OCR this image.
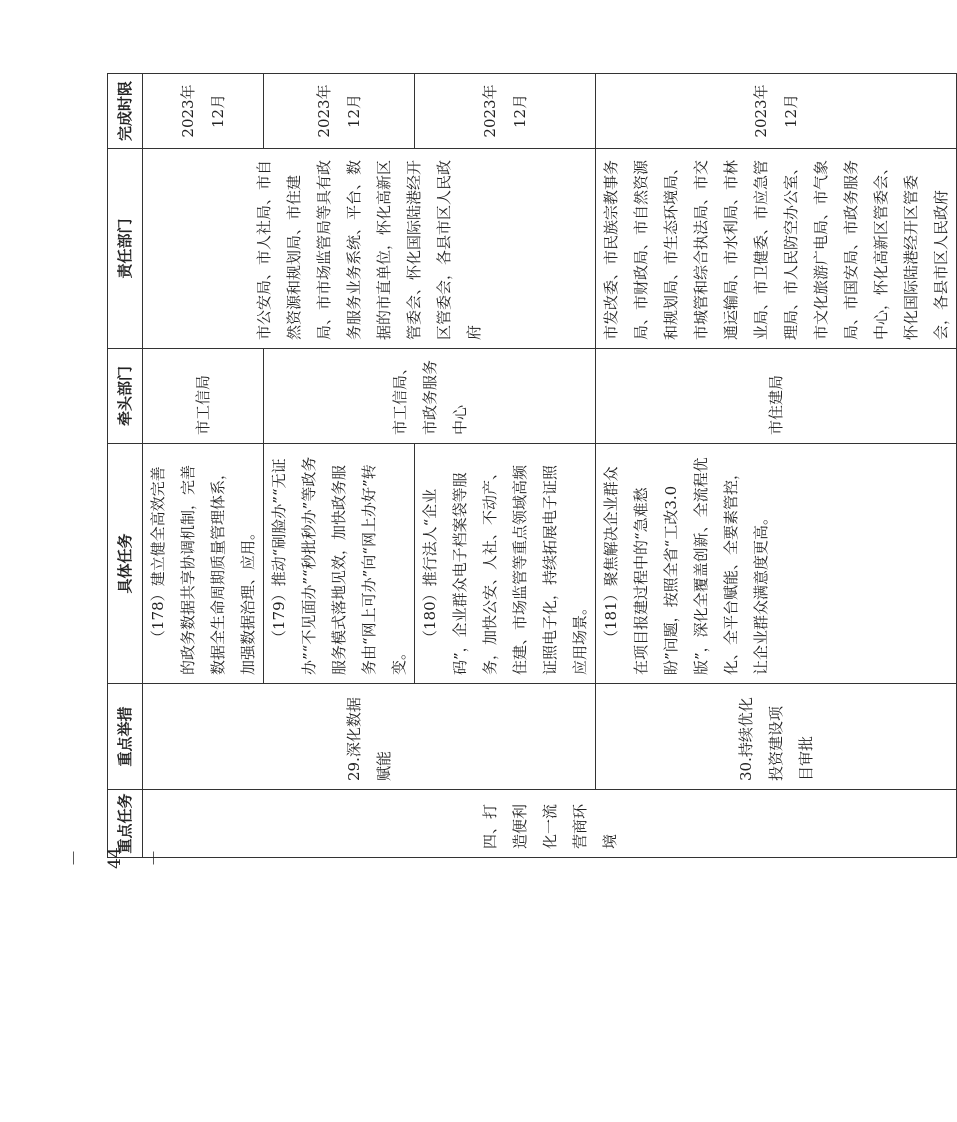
重点任务	重点举措	具体任务	牵头部门	责任部门	完成时限
四、打造便利化一流营商环境	29.深化数据赋能	（178）建立健全高效完善的政务数据共享协调机制，完善数据全生命周期质量管理体系，加强数据治理、应用。	市工信局	市公安局、市人社局、市自然资源和规划局、市住建局、市市场监管局等具有政务服务业务系统、平台、数据的市直单位，怀化高新区管委会、怀化国际陆港经开区管委会，各县市区人民政府	2023年12月
		（179）推动“刷脸办”“无证办”“不见面办”“秒批秒办”等政务服务模式落地见效，加快政务服务由“网上可办”向“网上办好”转变。	市工信局、市政务服务中心		2023年12月
		（180）推行法人“企业码”，企业群众电子档案袋等服务，加快公安、人社、不动产、住建、市场监管等重点领域高频证照电子化，持续拓展电子证照应用场景。			2023年12月
	30.持续优化投资建设项目审批	（181）聚焦解决企业群众在项目报建过程中的“急难愁盼”问题，按照全省“工改3.0版”，深化全覆盖创新、全流程优化、全平台赋能、全要素管控，让企业群众满意度更高。	市住建局	市发改委、市民族宗教事务局、市财政局、市自然资源和规划局、市生态环境局、市城管和综合执法局、市交通运输局、市水利局、市林业局、市卫健委、市应急管理局、市人民防空办公室、市文化旅游广电局、市气象局、市国安局、市政务服务中心，怀化高新区管委会、怀化国际陆港经开区管委会，各县市区人民政府	2023年12月
－ 44 －
